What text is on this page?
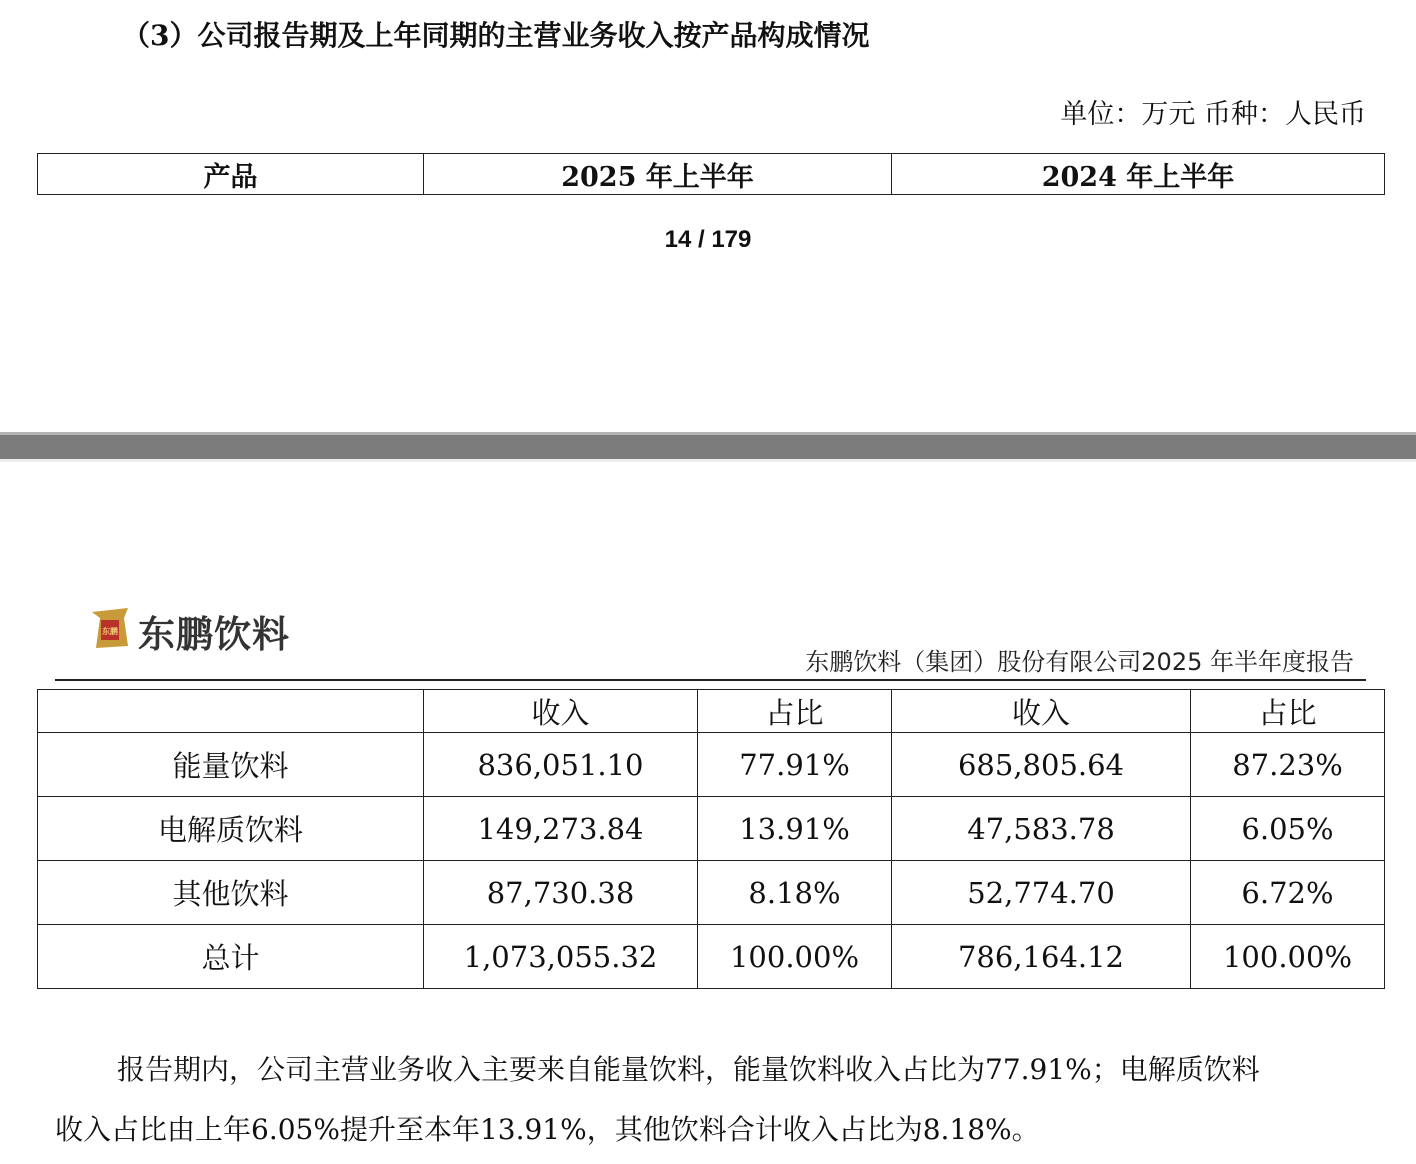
（3）公司报告期及上年同期的主营业务收入按产品构成情况
单位：万元 币种：人民币
产品	2025 年上半年	2024 年上半年
14 / 179
东鹏 东鹏饮料
东鹏饮料（集团）股份有限公司2025 年半年度报告
	收入	占比	收入	占比
能量饮料	836,051.10	77.91%	685,805.64	87.23%
电解质饮料	149,273.84	13.91%	47,583.78	6.05%
其他饮料	87,730.38	8.18%	52,774.70	6.72%
总计	1,073,055.32	100.00%	786,164.12	100.00%

报告期内，公司主营业务收入主要来自能量饮料，能量饮料收入占比为77.91%；电解质饮料

收入占比由上年6.05%提升至本年13.91%，其他饮料合计收入占比为8.18%。
